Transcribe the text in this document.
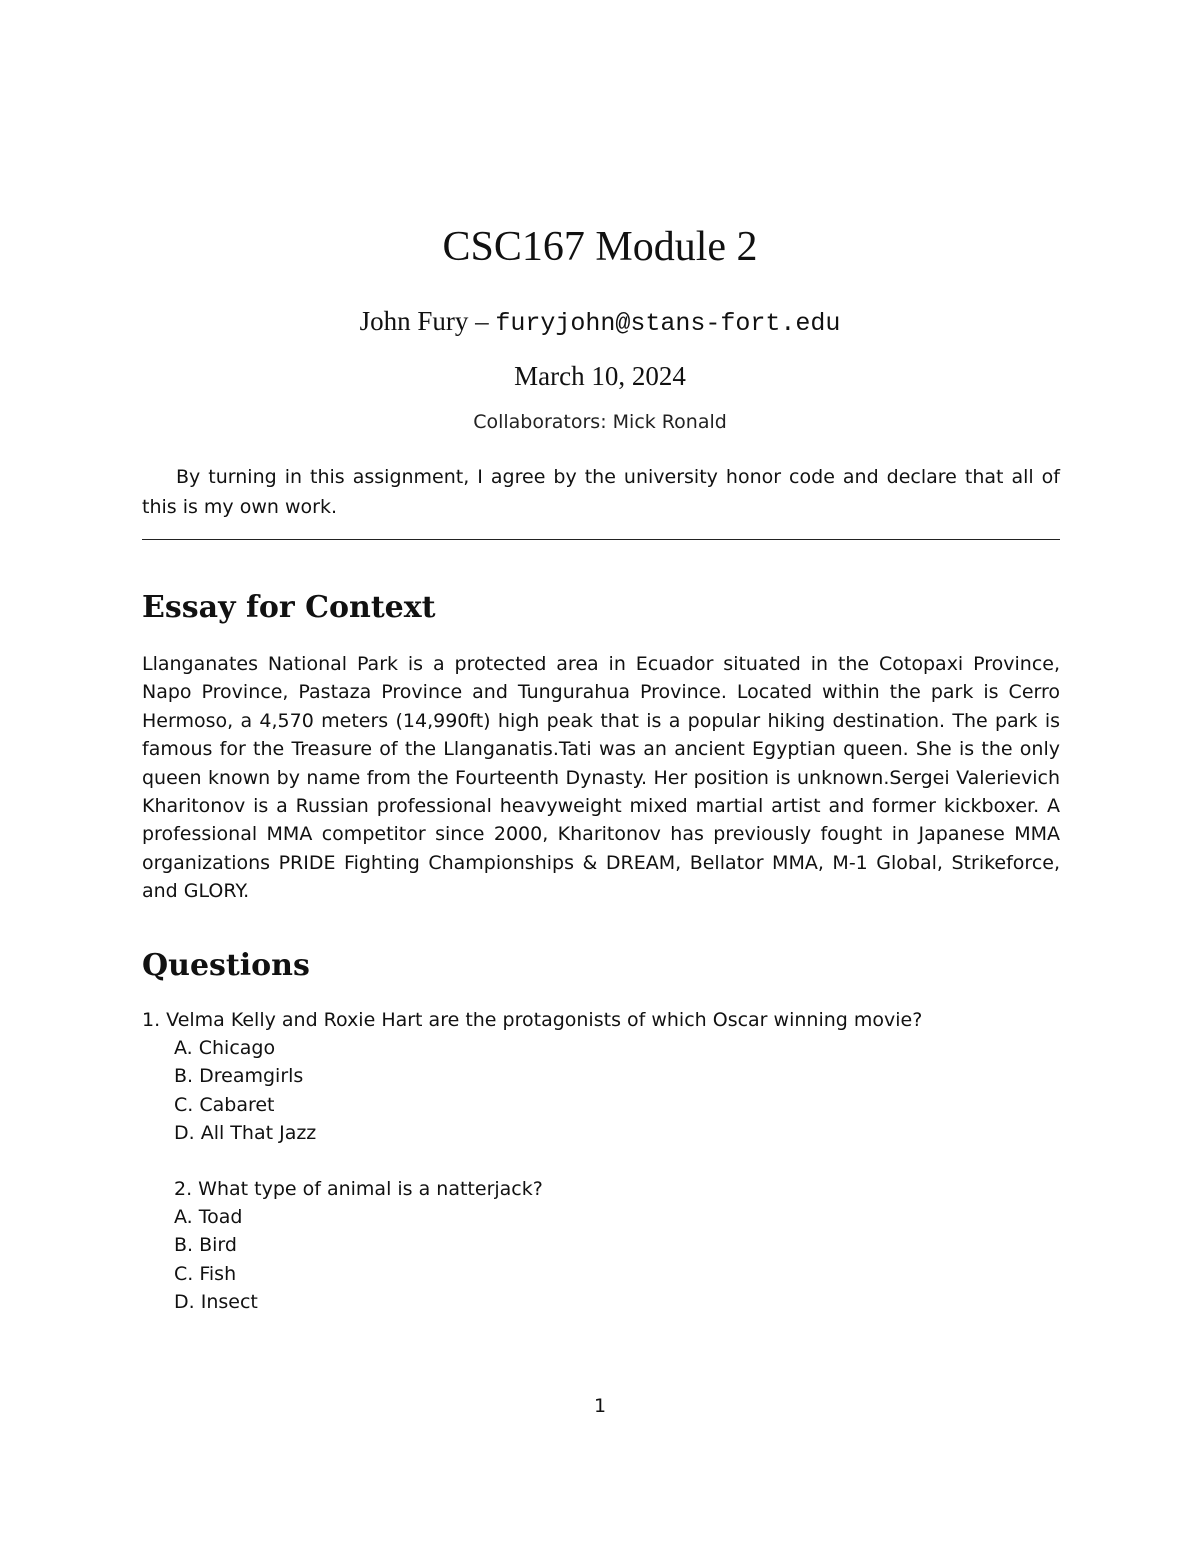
CSC167 Module 2
John Fury – furyjohn@stans-fort.edu
March 10, 2024
Collaborators: Mick Ronald

By turning in this assignment, I agree by the university honor code and declare that all of this is my own work.

Essay for Context

Llanganates National Park is a protected area in Ecuador situated in the Cotopaxi Province, Napo Province, Pastaza Province and Tungurahua Province. Located within the park is Cerro Hermoso, a 4,570 meters (14,990ft) high peak that is a popular hiking destination. The park is famous for the Treasure of the Llanganatis.Tati was an ancient Egyptian queen. She is the only queen known by name from the Fourteenth Dynasty. Her position is unknown.Sergei Valerievich Kharitonov is a Russian professional heavyweight mixed martial artist and former kickboxer. A professional MMA competitor since 2000, Kharitonov has previously fought in Japanese MMA organizations PRIDE Fighting Championships & DREAM, Bellator MMA, M-1 Global, Strikeforce, and GLORY.

Questions
1. Velma Kelly and Roxie Hart are the protagonists of which Oscar winning movie?
A. Chicago
B. Dreamgirls
C. Cabaret
D. All That Jazz
2. What type of animal is a natterjack?
A. Toad
B. Bird
C. Fish
D. Insect
1
